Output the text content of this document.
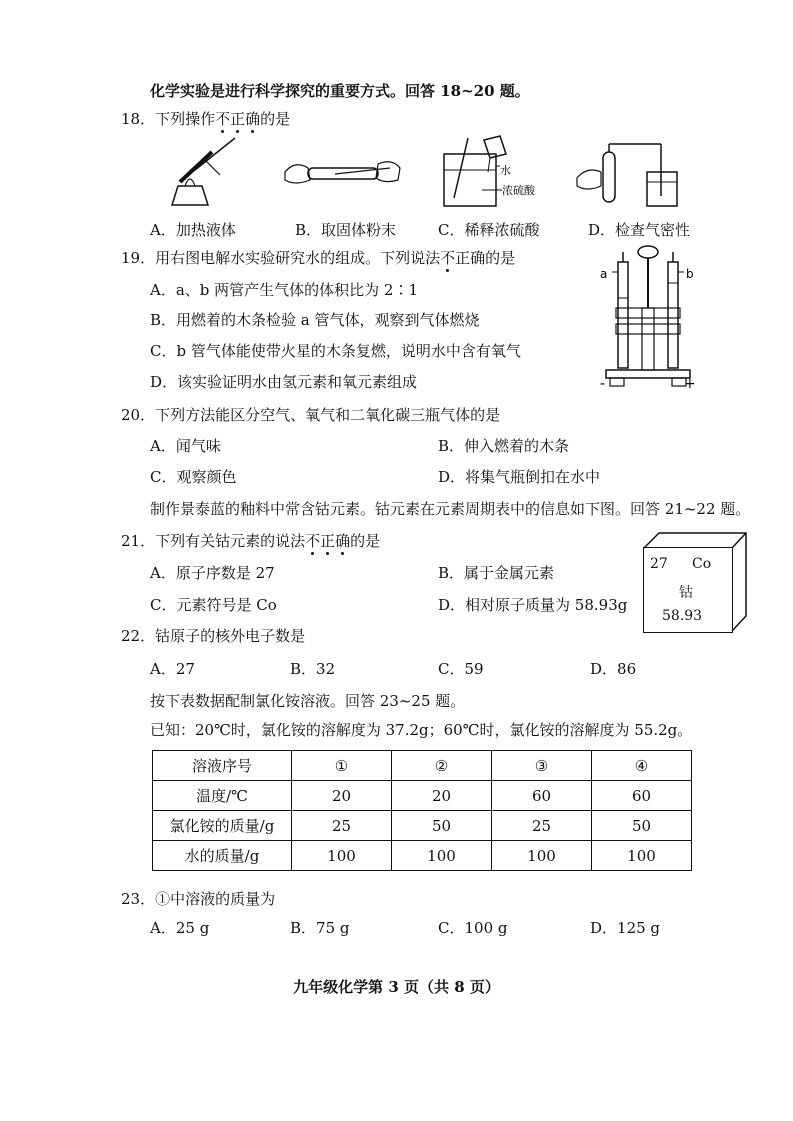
化学实验是进行科学探究的重要方式。回答 18~20 题。
18．下列操作不正确的是
水
浓硫酸
A．加热液体	B．取固体粉末	C．稀释浓硫酸	D．检查气密性
19．用右图电解水实验研究水的组成。下列说法不正确的是
A．a、b 两管产生气体的体积比为 2∶1
B．用燃着的木条检验 a 管气体，观察到气体燃烧
C．b 管气体能使带火星的木条复燃，说明水中含有氧气
D．该实验证明水由氢元素和氧元素组成
a	b
-	+
20．下列方法能区分空气、氧气和二氧化碳三瓶气体的是
A．闻气味	B．伸入燃着的木条
C．观察颜色	D．将集气瓶倒扣在水中
制作景泰蓝的釉料中常含钴元素。钴元素在元素周期表中的信息如下图。回答 21~22 题。
21．下列有关钴元素的说法不正确的是
A．原子序数是 27	B．属于金属元素
C．元素符号是 Co	D．相对原子质量为 58.93g
27 Co
钴
58.93
22．钴原子的核外电子数是
A．27	B．32	C．59	D．86
按下表数据配制氯化铵溶液。回答 23~25 题。
已知：20℃时，氯化铵的溶解度为 37.2g；60℃时，氯化铵的溶解度为 55.2g。
溶液序号	①	②	③	④
温度/℃	20	20	60	60
氯化铵的质量/g	25	50	25	50
水的质量/g	100	100	100	100
23．①中溶液的质量为
A．25 g	B．75 g	C．100 g	D．125 g
九年级化学第 3 页（共 8 页）
